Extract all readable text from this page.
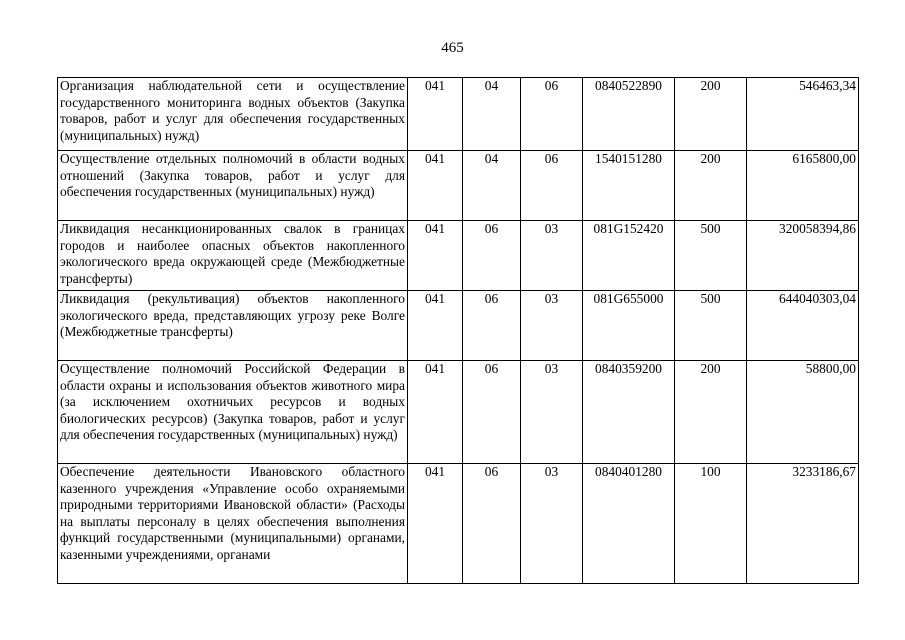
465
Организация наблюдательной сети и осуществление государственного мониторинга водных объектов (Закупка товаров, работ и услуг для обеспечения государственных (муниципальных) нужд)	041	04	06	0840522890	200	546463,34
Осуществление отдельных полномочий в области водных отношений (Закупка товаров, работ и услуг для обеспечения государственных (муниципальных) нужд)	041	04	06	1540151280	200	6165800,00
Ликвидация несанкционированных свалок в границах городов и наиболее опасных объектов накопленного экологического вреда окружающей среде (Межбюджетные трансферты)	041	06	03	081G152420	500	320058394,86
Ликвидация (рекультивация) объектов накопленного экологического вреда, представляющих угрозу реке Волге (Межбюджетные трансферты)	041	06	03	081G655000	500	644040303,04
Осуществление полномочий Российской Федерации в области охраны и использования объектов животного мира (за исключением охотничьих ресурсов и водных биологических ресурсов) (Закупка товаров, работ и услуг для обеспечения государственных (муниципальных) нужд)	041	06	03	0840359200	200	58800,00
Обеспечение деятельности Ивановского областного казенного учреждения «Управление особо охраняемыми природными территориями Ивановской области» (Расходы на выплаты персоналу в целях обеспечения выполнения функций государственными (муниципальными) органами, казенными учреждениями, органами	041	06	03	0840401280	100	3233186,67
